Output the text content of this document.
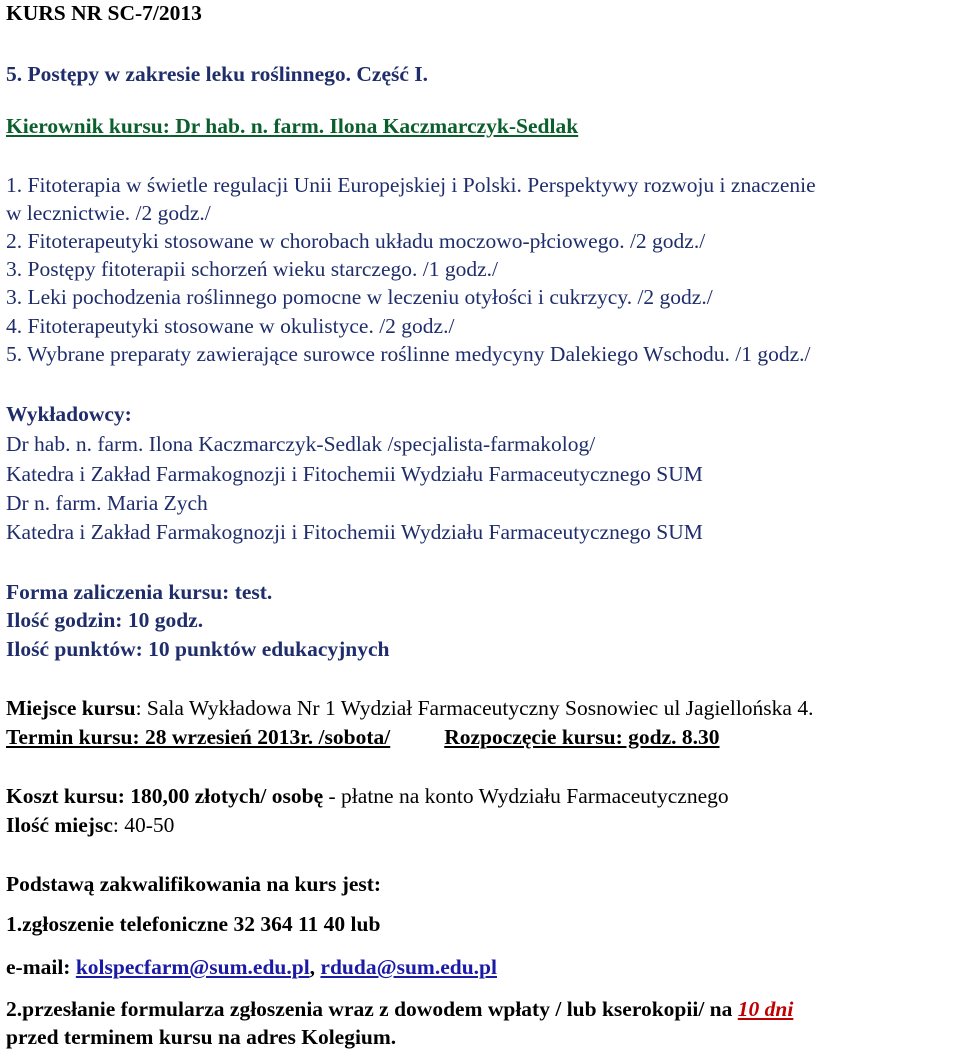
KURS NR SC-7/2013
5. Postępy w zakresie leku roślinnego. Część I.
Kierownik kursu: Dr hab. n. farm. Ilona Kaczmarczyk-Sedlak
1. Fitoterapia w świetle regulacji Unii Europejskiej i Polski. Perspektywy rozwoju i znaczenie
w lecznictwie. /2 godz./
2. Fitoterapeutyki stosowane w chorobach układu moczowo-płciowego. /2 godz./
3. Postępy fitoterapii schorzeń wieku starczego. /1 godz./
3. Leki pochodzenia roślinnego pomocne w leczeniu otyłości i cukrzycy. /2 godz./
4. Fitoterapeutyki stosowane w okulistyce. /2 godz./
5. Wybrane preparaty zawierające surowce roślinne medycyny Dalekiego Wschodu. /1 godz./
Wykładowcy:
Dr hab. n. farm. Ilona Kaczmarczyk-Sedlak /specjalista-farmakolog/
Katedra i Zakład Farmakognozji i Fitochemii Wydziału Farmaceutycznego SUM
Dr n. farm. Maria Zych
Katedra i Zakład Farmakognozji i Fitochemii Wydziału Farmaceutycznego SUM
Forma zaliczenia kursu: test.
Ilość godzin: 10 godz.
Ilość punktów: 10 punktów edukacyjnych
Miejsce kursu: Sala Wykładowa Nr 1 Wydział Farmaceutyczny Sosnowiec ul Jagiellońska 4.
Termin kursu: 28 wrzesień 2013r. /sobota/	Rozpoczęcie kursu: godz. 8.30
Koszt kursu: 180,00 złotych/ osobę - płatne na konto Wydziału Farmaceutycznego
Ilość miejsc: 40-50
Podstawą zakwalifikowania na kurs jest:
1.zgłoszenie telefoniczne 32 364 11 40 lub
e-mail: kolspecfarm@sum.edu.pl, rduda@sum.edu.pl
2.przesłanie formularza zgłoszenia wraz z dowodem wpłaty / lub kserokopii/ na 10 dni
przed terminem kursu na adres Kolegium.
